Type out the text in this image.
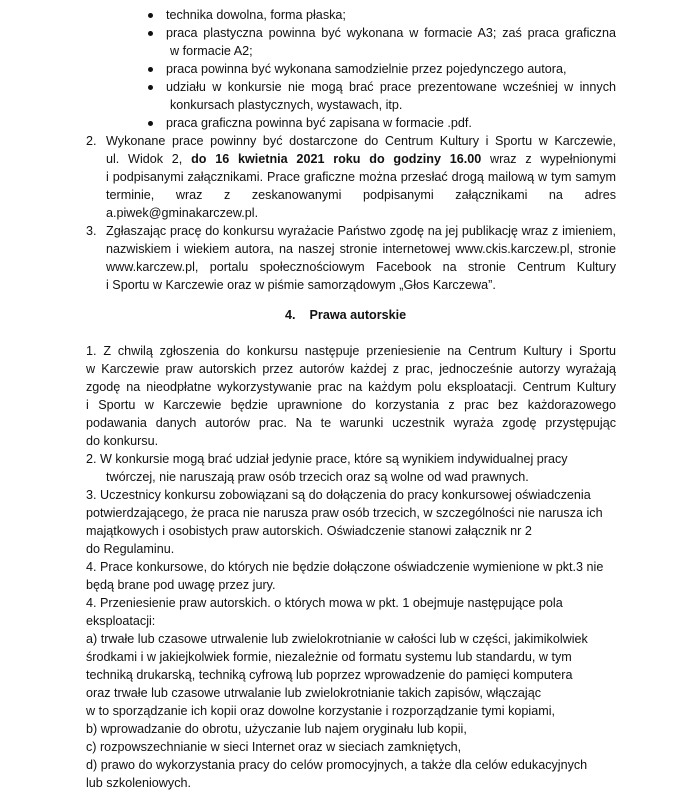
technika dowolna, forma płaska;
praca plastyczna powinna być wykonana w formacie A3; zaś praca graficzna
w formacie A2;
praca powinna być wykonana samodzielnie przez pojedynczego autora,
udziału w konkursie nie mogą brać prace prezentowane wcześniej w innych
konkursach plastycznych, wystawach, itp.
praca graficzna powinna być zapisana w formacie .pdf.
2. Wykonane prace powinny być dostarczone do Centrum Kultury i Sportu w Karczewie,
ul. Widok 2, do 16 kwietnia 2021 roku do godziny 16.00 wraz z wypełnionymi
i podpisanymi załącznikami. Prace graficzne można przesłać drogą mailową w tym samym
terminie, wraz z zeskanowanymi podpisanymi załącznikami na adres
a.piwek@gminakarczew.pl.
3. Zgłaszając pracę do konkursu wyrażacie Państwo zgodę na jej publikację wraz z imieniem,
nazwiskiem i wiekiem autora, na naszej stronie internetowej www.ckis.karczew.pl, stronie
www.karczew.pl, portalu społecznościowym Facebook na stronie Centrum Kultury
i Sportu w Karczewie oraz w piśmie samorządowym „Głos Karczewa”.
4. Prawa autorskie
1. Z chwilą zgłoszenia do konkursu następuje przeniesienie na Centrum Kultury i Sportu
w Karczewie praw autorskich przez autorów każdej z prac, jednocześnie autorzy wyrażają
zgodę na nieodpłatne wykorzystywanie prac na każdym polu eksploatacji. Centrum Kultury
i Sportu w Karczewie będzie uprawnione do korzystania z prac bez każdorazowego
podawania danych autorów prac. Na te warunki uczestnik wyraża zgodę przystępując
do konkursu.
2. W konkursie mogą brać udział jedynie prace, które są wynikiem indywidualnej pracy
twórczej, nie naruszają praw osób trzecich oraz są wolne od wad prawnych.
3. Uczestnicy konkursu zobowiązani są do dołączenia do pracy konkursowej oświadczenia
potwierdzającego, że praca nie narusza praw osób trzecich, w szczególności nie narusza ich
majątkowych i osobistych praw autorskich. Oświadczenie stanowi załącznik nr 2
do Regulaminu.
4. Prace konkursowe, do których nie będzie dołączone oświadczenie wymienione w pkt.3 nie
będą brane pod uwagę przez jury.
4. Przeniesienie praw autorskich. o których mowa w pkt. 1 obejmuje następujące pola
eksploatacji:
a) trwałe lub czasowe utrwalenie lub zwielokrotnianie w całości lub w części, jakimikolwiek
środkami i w jakiejkolwiek formie, niezależnie od formatu systemu lub standardu, w tym
techniką drukarską, techniką cyfrową lub poprzez wprowadzenie do pamięci komputera
oraz trwałe lub czasowe utrwalanie lub zwielokrotnianie takich zapisów, włączając
w to sporządzanie ich kopii oraz dowolne korzystanie i rozporządzanie tymi kopiami,
b) wprowadzanie do obrotu, użyczanie lub najem oryginału lub kopii,
c) rozpowszechnianie w sieci Internet oraz w sieciach zamkniętych,
d) prawo do wykorzystania pracy do celów promocyjnych, a także dla celów edukacyjnych
lub szkoleniowych.
